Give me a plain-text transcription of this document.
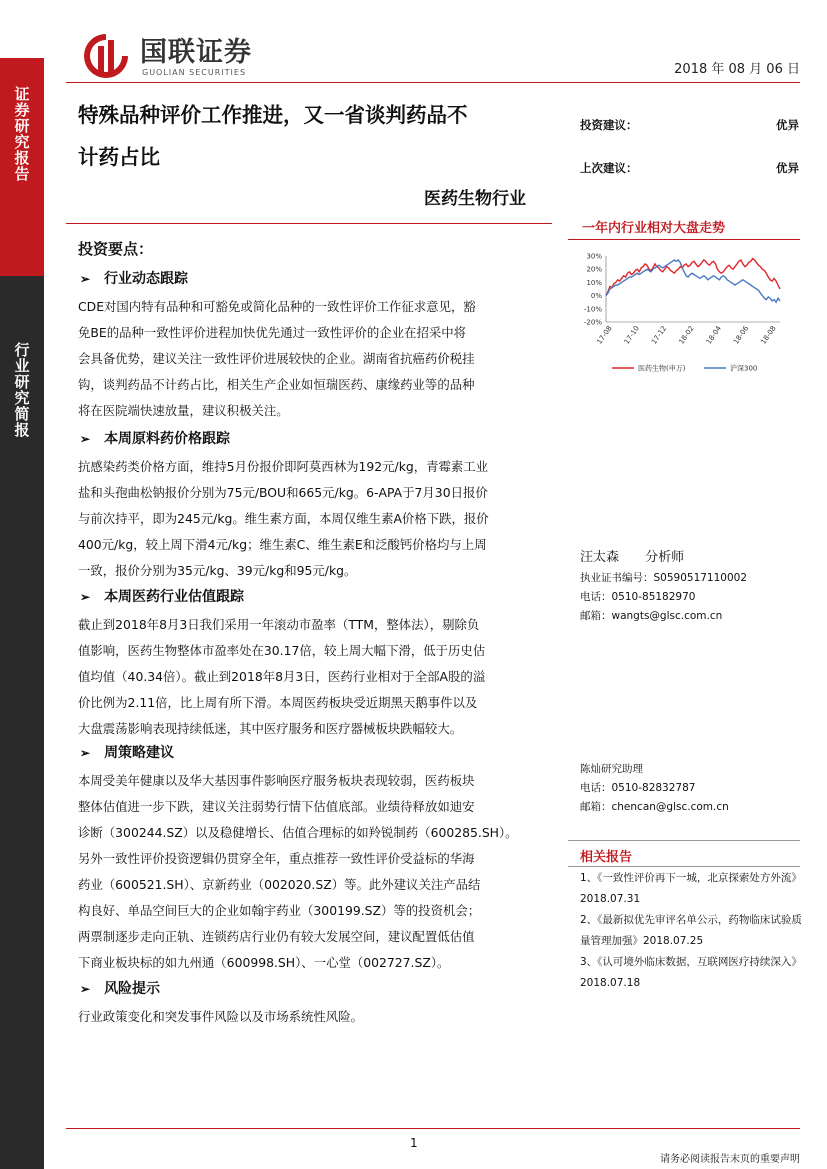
证券研究报告
行业研究简报
国联证券
GUOLIAN SECURITIES	2018 年 08 月 06 日
特殊品种评价工作推进，又一省谈判药品不
计药占比
医药生物行业
投资建议：	优异
上次建议：	优异
一年内行业相对大盘走势
30%
20%
10%
0%
-10%
-20%
17-08 17-10 17-12 18-02 18-04 18-06 18-08
医药生物(申万)	沪深300
投资要点：
➢ 行业动态跟踪
CDE对国内特有品种和可豁免或简化品种的一致性评价工作征求意见，豁
免BE的品种一致性评价进程加快优先通过一致性评价的企业在招采中将
会具备优势，建议关注一致性评价进展较快的企业。湖南省抗癌药价税挂
钩，谈判药品不计药占比，相关生产企业如恒瑞医药、康缘药业等的品种
将在医院端快速放量，建议积极关注。
➢ 本周原料药价格跟踪
抗感染药类价格方面，维持5月份报价即阿莫西林为192元/kg，青霉素工业
盐和头孢曲松钠报价分别为75元/BOU和665元/kg。6-APA于7月30日报价
与前次持平，即为245元/kg。维生素方面，本周仅维生素A价格下跌，报价
400元/kg，较上周下滑4元/kg；维生素C、维生素E和泛酸钙价格均与上周
一致，报价分别为35元/kg、39元/kg和95元/kg。
➢ 本周医药行业估值跟踪
截止到2018年8月3日我们采用一年滚动市盈率（TTM，整体法），剔除负
值影响，医药生物整体市盈率处在30.17倍，较上周大幅下滑，低于历史估
值均值（40.34倍）。截止到2018年8月3日，医药行业相对于全部A股的溢
价比例为2.11倍，比上周有所下滑。本周医药板块受近期黑天鹅事件以及
大盘震荡影响表现持续低迷，其中医疗服务和医疗器械板块跌幅较大。
➢ 周策略建议
本周受美年健康以及华大基因事件影响医疗服务板块表现较弱，医药板块
整体估值进一步下跌，建议关注弱势行情下估值底部。业绩待释放如迪安
诊断（300244.SZ）以及稳健增长、估值合理标的如羚锐制药（600285.SH）。
另外一致性评价投资逻辑仍贯穿全年，重点推荐一致性评价受益标的华海
药业（600521.SH）、京新药业（002020.SZ）等。此外建议关注产品结
构良好、单品空间巨大的企业如翰宇药业（300199.SZ）等的投资机会；
两票制逐步走向正轨、连锁药店行业仍有较大发展空间，建议配置低估值
下商业板块标的如九州通（600998.SH）、一心堂（002727.SZ）。
➢ 风险提示
行业政策变化和突发事件风险以及市场系统性风险。
汪太森 分析师
执业证书编号：S0590517110002
电话：0510-85182970
邮箱：wangts@glsc.com.cn
陈灿研究助理
电话：0510-82832787
邮箱：chencan@glsc.com.cn
相关报告
1、《一致性评价再下一城，北京探索处方外流》
2018.07.31
2、《最新拟优先审评名单公示，药物临床试验质
量管理加强》2018.07.25
3、《认可境外临床数据，互联网医疗持续深入》
2018.07.18
1
请务必阅读报告末页的重要声明
